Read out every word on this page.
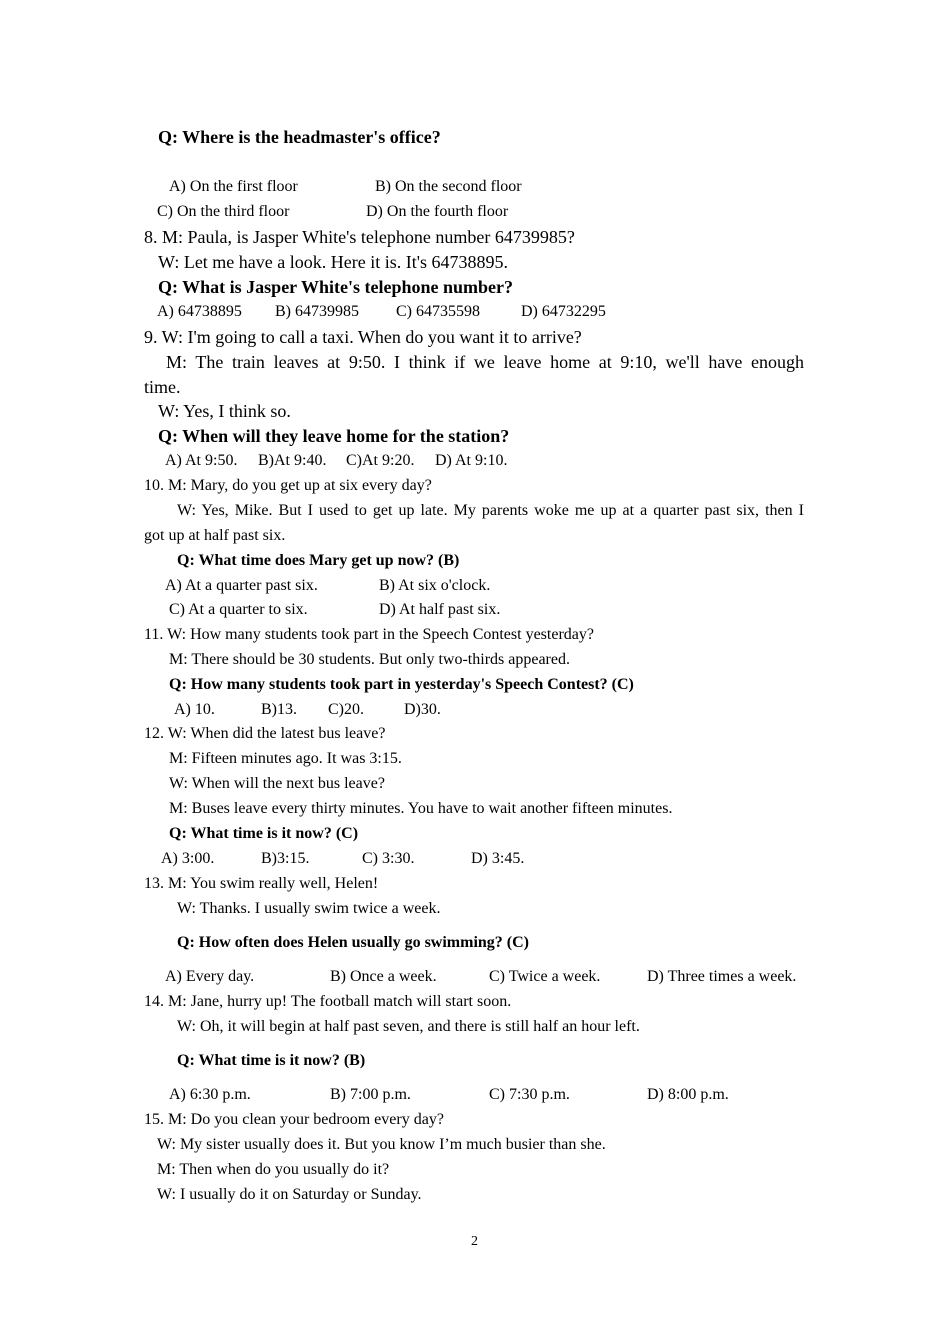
Q: Where is the headmaster's office?
A) On the first floor	B) On the second floor
C) On the third floor	D) On the fourth floor
8. M: Paula, is Jasper White's telephone number 64739985?
W: Let me have a look. Here it is. It's 64738895.
Q: What is Jasper White's telephone number?
A) 64738895 B) 64739985 C) 64735598	D) 64732295
9. W: I'm going to call a taxi. When do you want it to arrive?
M: The train leaves at 9:50. I think if we leave home at 9:10, we'll have enough
time.
W: Yes, I think so.
Q: When will they leave home for the station?
A) At 9:50. B)At 9:40. C)At 9:20. D) At 9:10.
10. M: Mary, do you get up at six every day?
W: Yes, Mike. But I used to get up late. My parents woke me up at a quarter past six, then I
got up at half past six.
Q: What time does Mary get up now? (B)
A) At a quarter past six.	B) At six o'clock.
C) At a quarter to six.	D) At half past six.
11. W: How many students took part in the Speech Contest yesterday?
M: There should be 30 students. But only two-thirds appeared.
Q: How many students took part in yesterday's Speech Contest? (C)
A) 10.	B)13. C)20.	D)30.
12. W: When did the latest bus leave?
M: Fifteen minutes ago. It was 3:15.
W: When will the next bus leave?
M: Buses leave every thirty minutes. You have to wait another fifteen minutes.
Q: What time is it now? (C)
A) 3:00.	B)3:15.	C) 3:30.	D) 3:45.
13. M: You swim really well, Helen!
W: Thanks. I usually swim twice a week.
Q: How often does Helen usually go swimming? (C)
A) Every day.	B) Once a week.	C) Twice a week.	D) Three times a week.
14. M: Jane, hurry up! The football match will start soon.
W: Oh, it will begin at half past seven, and there is still half an hour left.
Q: What time is it now? (B)
A) 6:30 p.m.	B) 7:00 p.m.	C) 7:30 p.m.	D) 8:00 p.m.
15. M: Do you clean your bedroom every day?
W: My sister usually does it. But you know I’m much busier than she.
M: Then when do you usually do it?
W: I usually do it on Saturday or Sunday.
2
